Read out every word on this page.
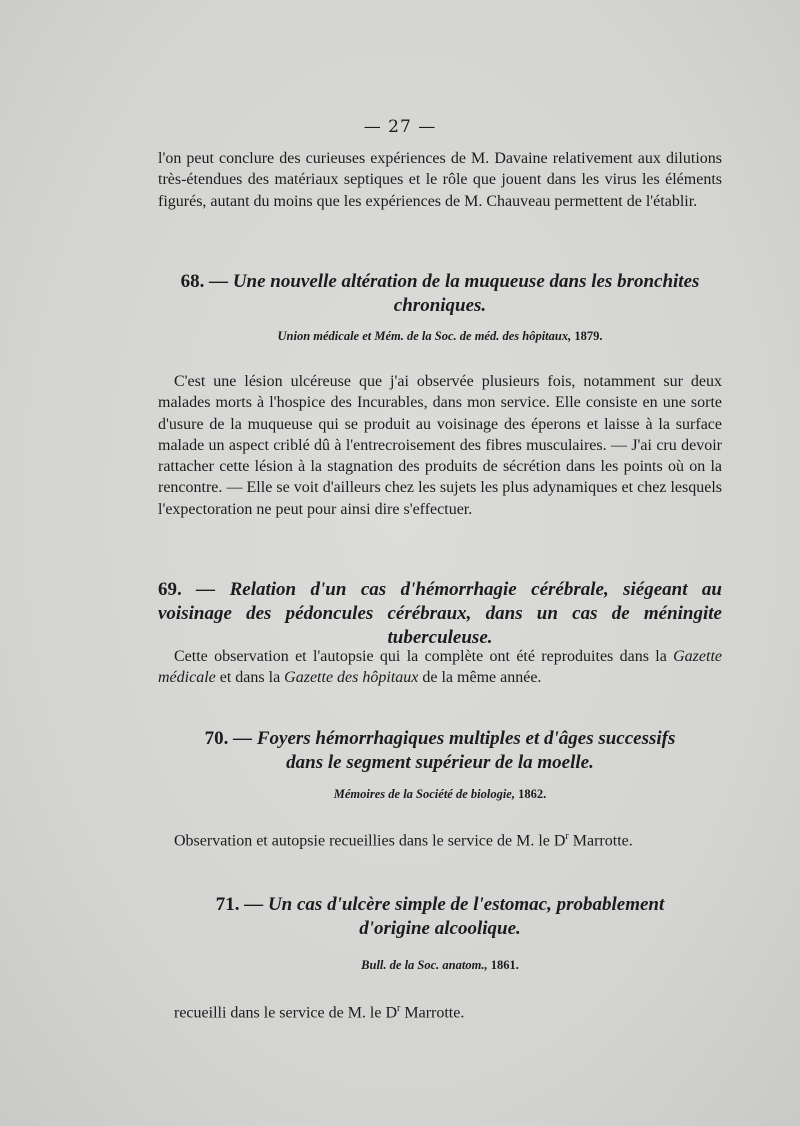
— 27 —

l'on peut conclure des curieuses expériences de M. Davaine relativement aux dilutions très-étendues des matériaux septiques et le rôle que jouent dans les virus les éléments figurés, autant du moins que les expériences de M. Chauveau permettent de l'établir.

68. — Une nouvelle altération de la muqueuse dans les bronchites chroniques.
Union médicale et Mém. de la Soc. de méd. des hôpitaux, 1879.

C'est une lésion ulcéreuse que j'ai observée plusieurs fois, notamment sur deux malades morts à l'hospice des Incurables, dans mon service. Elle consiste en une sorte d'usure de la muqueuse qui se produit au voisinage des éperons et laisse à la surface malade un aspect criblé dû à l'entrecroisement des fibres musculaires. — J'ai cru devoir rattacher cette lésion à la stagnation des produits de sécrétion dans les points où on la rencontre. — Elle se voit d'ailleurs chez les sujets les plus adynamiques et chez lesquels l'expectoration ne peut pour ainsi dire s'effectuer.

69. — Relation d'un cas d'hémorrhagie cérébrale, siégeant au voisinage des pédoncules cérébraux, dans un cas de méningite tuberculeuse.

Cette observation et l'autopsie qui la complète ont été reproduites dans la Gazette médicale et dans la Gazette des hôpitaux de la même année.

70. — Foyers hémorrhagiques multiples et d'âges successifs dans le segment supérieur de la moelle.
Mémoires de la Société de biologie, 1862.

Observation et autopsie recueillies dans le service de M. le $D^r$ Marrotte.

71. — Un cas d'ulcère simple de l'estomac, probablement d'origine alcoolique.
Bull. de la Soc. anatom., 1861.

recueilli dans le service de M. le $D^r$ Marrotte.
